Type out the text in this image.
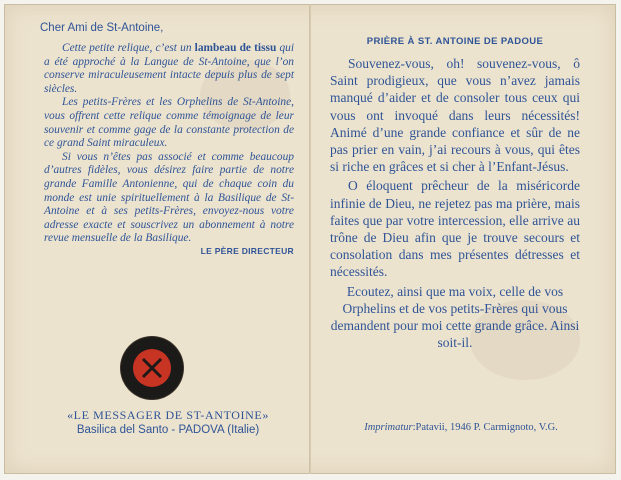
Cher Ami de St-Antoine,

Cette petite relique, c’est un lambeau de tissu qui a été approché à la Langue de St-Antoine, que l’on conserve miraculeusement intacte depuis plus de sept siècles.

Les petits-Frères et les Orphelins de St-Antoine, vous offrent cette relique comme témoignage de leur souvenir et comme gage de la constante protection de ce grand Saint miraculeux.

Si vous n’êtes pas associé et comme beaucoup d’autres fidèles, vous désirez faire partie de notre grande Famille Antonienne, qui de chaque coin du monde est unie spirituellement à la Basilique de St-Antoine et à ses petits-Frères, envoyez-nous votre adresse exacte et souscrivez un abonnement à notre revue mensuelle de la Basilique.

LE PÈRE DIRECTEUR

«LE MESSAGER DE ST-ANTOINE»

Basilica del Santo - PADOVA (Italie)

PRIÈRE À ST. ANTOINE DE PADOUE

Souvenez-vous, oh! souvenez-vous, ô Saint prodigieux, que vous n’avez jamais manqué d’aider et de consoler tous ceux qui vous ont invoqué dans leurs nécessités! Animé d’une grande confiance et sûr de ne pas prier en vain, j’ai recours à vous, qui êtes si riche en grâces et si cher à l’Enfant-Jésus.

O éloquent prêcheur de la miséricorde infinie de Dieu, ne rejetez pas ma prière, mais faites que par votre intercession, elle arrive au trône de Dieu afin que je trouve secours et consolation dans mes présentes détresses et nécessités.

Ecoutez, ainsi que ma voix, celle de vos Orphelins et de vos petits-Frères qui vous demandent pour moi cette grande grâce. Ainsi soit-il.

Imprimatur:Patavii, 1946 P. Carmignoto, V.G.
